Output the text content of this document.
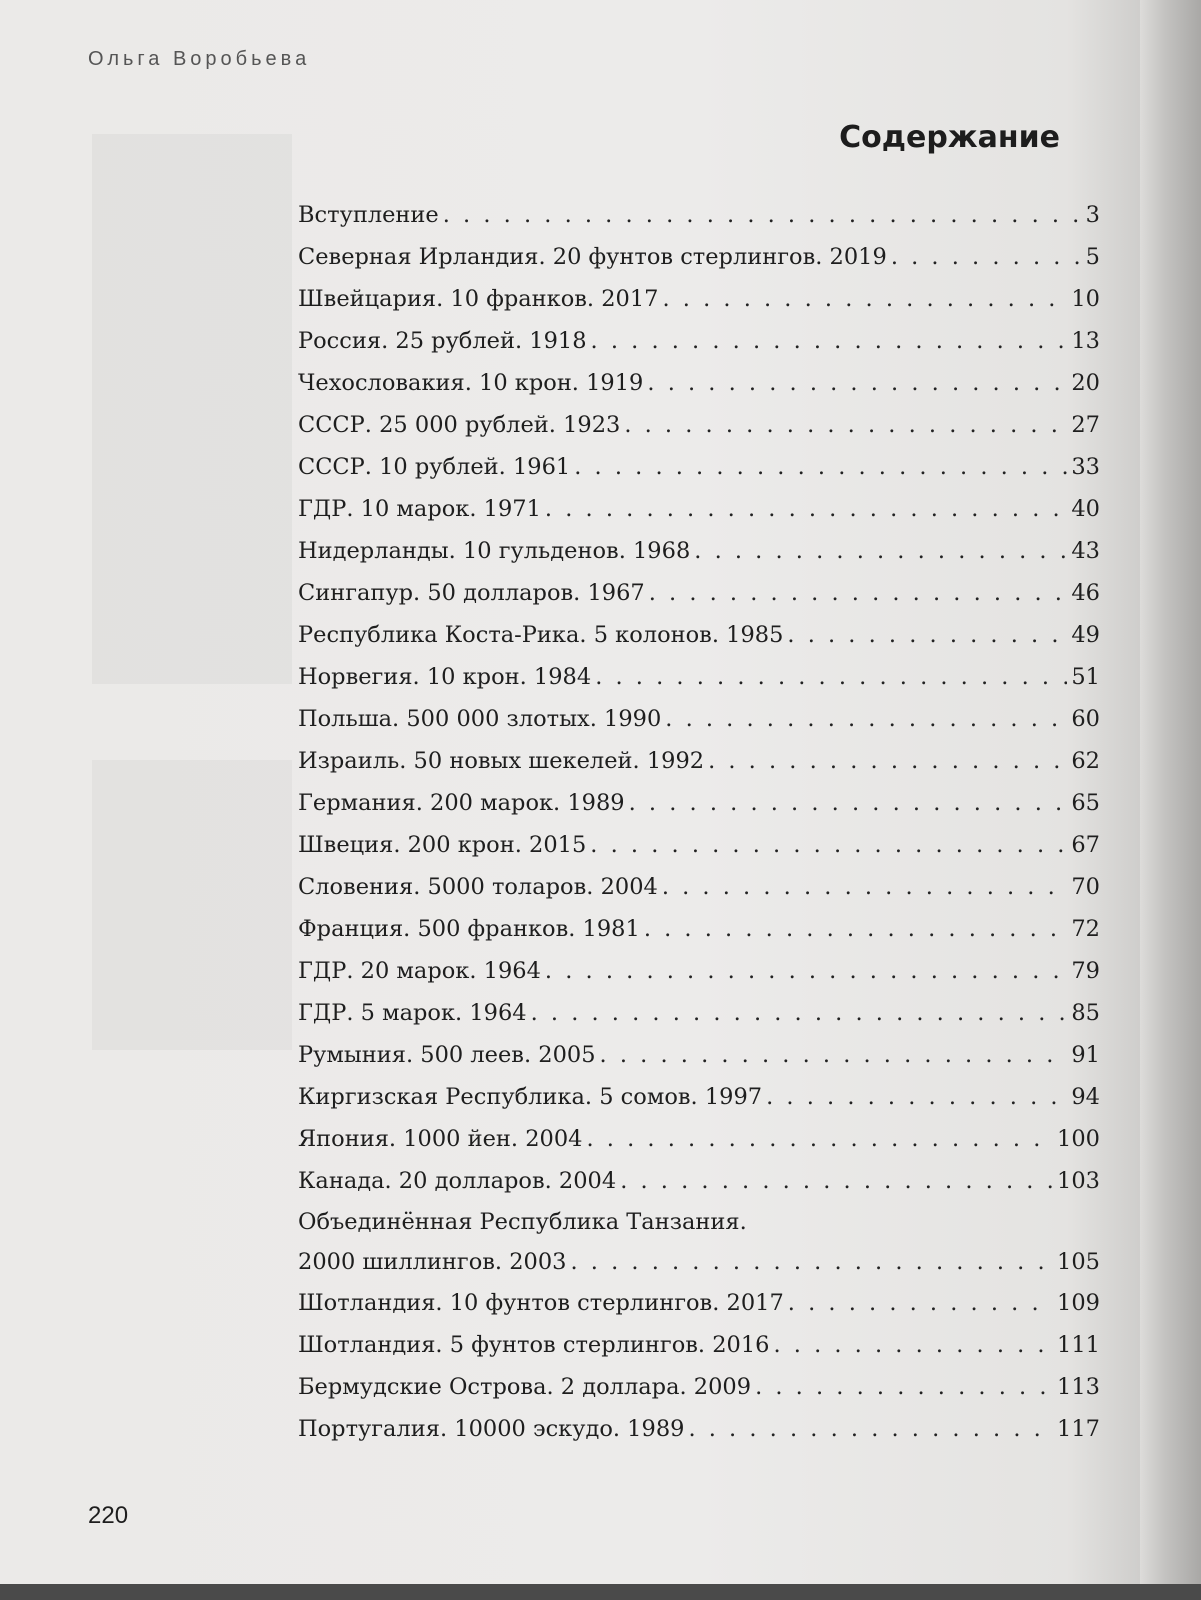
Ольга Воробьева
Содержание
Вступление . . .	3
Северная Ирландия. 20 фунтов стерлингов. 2019 . . .	5
Швейцария. 10 франков. 2017 . . .	10
Россия. 25 рублей. 1918 . . .	13
Чехословакия. 10 крон. 1919 . . .	20
СССР. 25 000 рублей. 1923 . . .	27
СССР. 10 рублей. 1961 . . .	33
ГДР. 10 марок. 1971 . . .	40
Нидерланды. 10 гульденов. 1968 . . .	43
Сингапур. 50 долларов. 1967 . . .	46
Республика Коста-Рика. 5 колонов. 1985 . . .	49
Норвегия. 10 крон. 1984 . . .	51
Польша. 500 000 злотых. 1990 . . .	60
Израиль. 50 новых шекелей. 1992 . . .	62
Германия. 200 марок. 1989 . . .	65
Швеция. 200 крон. 2015 . . .	67
Словения. 5000 толаров. 2004 . . .	70
Франция. 500 франков. 1981 . . .	72
ГДР. 20 марок. 1964 . . .	79
ГДР. 5 марок. 1964 . . .	85
Румыния. 500 леев. 2005 . . .	91
Киргизская Республика. 5 сомов. 1997 . . .	94
Япония. 1000 йен. 2004 . . .	100
Канада. 20 долларов. 2004 . . .	103
Объединённая Республика Танзания.
2000 шиллингов. 2003 . . .	105
Шотландия. 10 фунтов стерлингов. 2017 . . .	109
Шотландия. 5 фунтов стерлингов. 2016 . . .	111
Бермудские Острова. 2 доллара. 2009 . . .	113
Португалия. 10000 эскудо. 1989 . . .	117
220
